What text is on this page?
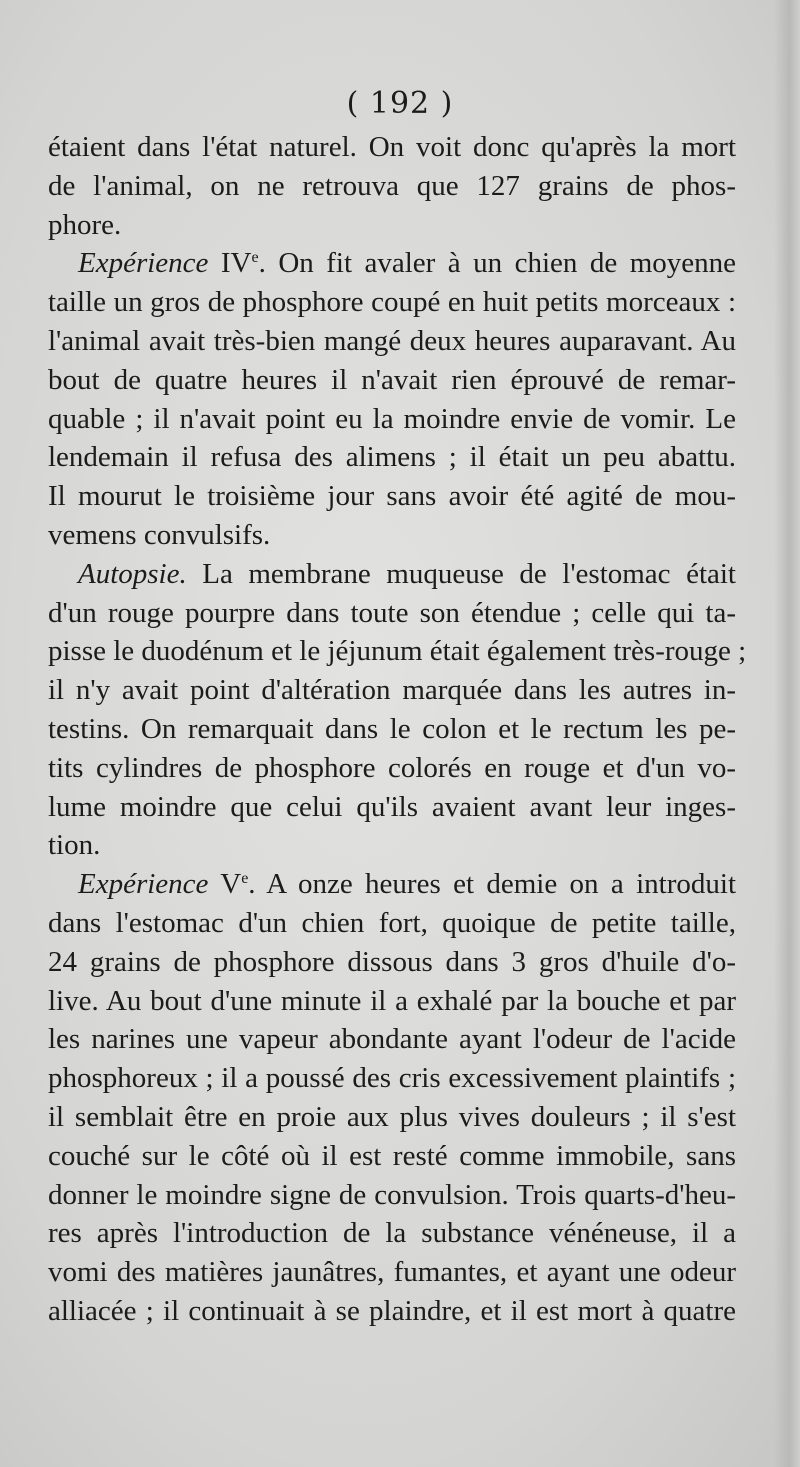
( 192 )
étaient dans l'état naturel. On voit donc qu'après la mort
de l'animal, on ne retrouva que 127 grains de phos-
phore.
Expérience IVe. On fit avaler à un chien de moyenne
taille un gros de phosphore coupé en huit petits morceaux :
l'animal avait très-bien mangé deux heures auparavant. Au
bout de quatre heures il n'avait rien éprouvé de remar-
quable ; il n'avait point eu la moindre envie de vomir. Le
lendemain il refusa des alimens ; il était un peu abattu.
Il mourut le troisième jour sans avoir été agité de mou-
vemens convulsifs.
Autopsie. La membrane muqueuse de l'estomac était
d'un rouge pourpre dans toute son étendue ; celle qui ta-
pisse le duodénum et le jéjunum était également très-rouge ;
il n'y avait point d'altération marquée dans les autres in-
testins. On remarquait dans le colon et le rectum les pe-
tits cylindres de phosphore colorés en rouge et d'un vo-
lume moindre que celui qu'ils avaient avant leur inges-
tion.
Expérience Ve. A onze heures et demie on a introduit
dans l'estomac d'un chien fort, quoique de petite taille,
24 grains de phosphore dissous dans 3 gros d'huile d'o-
live. Au bout d'une minute il a exhalé par la bouche et par
les narines une vapeur abondante ayant l'odeur de l'acide
phosphoreux ; il a poussé des cris excessivement plaintifs ;
il semblait être en proie aux plus vives douleurs ; il s'est
couché sur le côté où il est resté comme immobile, sans
donner le moindre signe de convulsion. Trois quarts-d'heu-
res après l'introduction de la substance vénéneuse, il a
vomi des matières jaunâtres, fumantes, et ayant une odeur
alliacée ; il continuait à se plaindre, et il est mort à quatre
